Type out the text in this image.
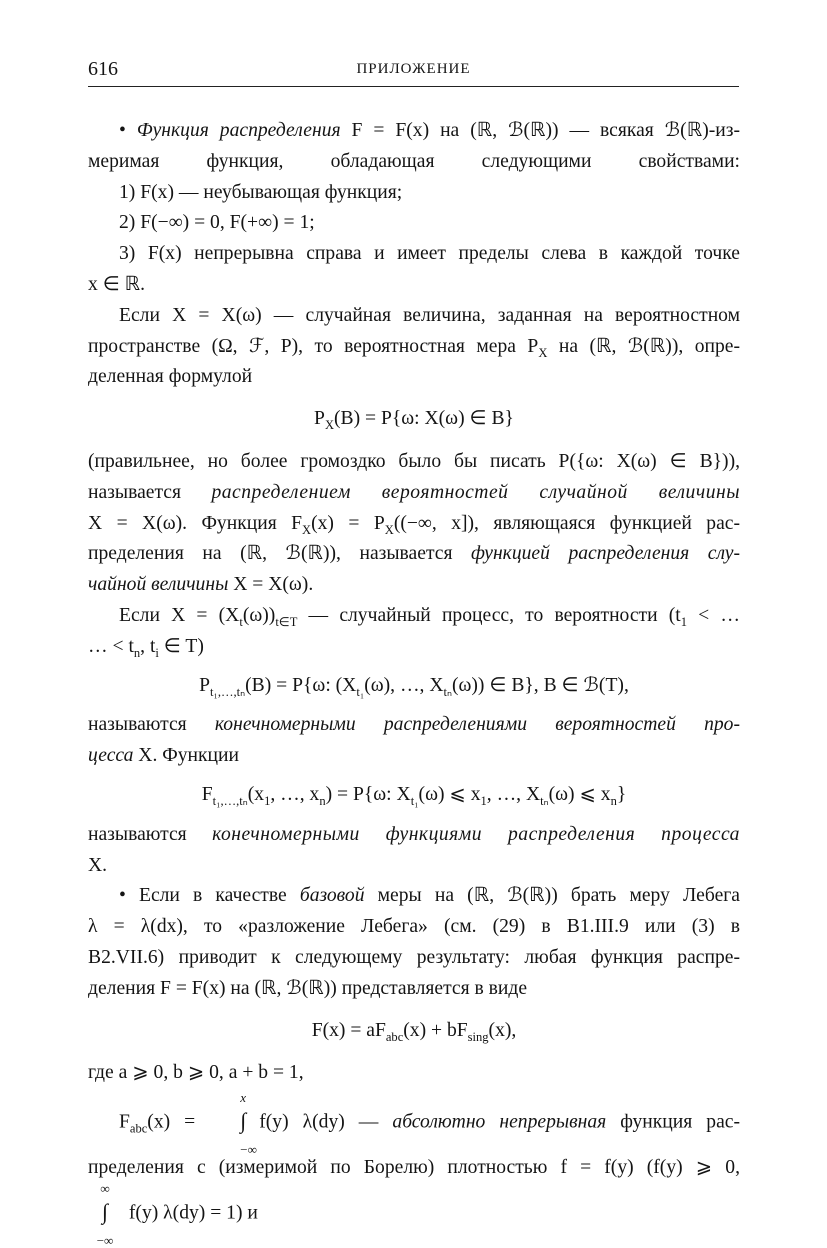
616	ПРИЛОЖЕНИЕ

• Функция распределения F = F(x) на (ℝ, ℬ(ℝ)) — всякая ℬ(ℝ)-из-

меримая функция, обладающая следующими свойствами:

1) F(x) — неубывающая функция;

2) F(−∞) = 0, F(+∞) = 1;

3) F(x) непрерывна справа и имеет пределы слева в каждой точке

x ∈ ℝ.

Если X = X(ω) — случайная величина, заданная на вероятностном

пространстве (Ω, ℱ, P), то вероятностная мера $P_X$ на (ℝ, ℬ(ℝ)), опре-

деленная формулой

$P_X(B) = P\{\omega$: X(ω) ∈ B}

(правильнее, но более громоздко было бы писать P({ω: X(ω) ∈ B})),

называется распределением вероятностей случайной величины

X = X(ω). Функция $F_X(x) = P_X((-\infty$, x]), являющаяся функцией рас-

пределения на (ℝ, ℬ(ℝ)), называется функцией распределения слу-

чайной величины X = X(ω).

Если $X = (X_t(\omega))_{t\in T}$ — случайный процесс, то вероятности ($t_1$ < …

… < $t_n$, $t_i$ ∈ T)

$P_{t_1,\dots,t_n}(B) = P\{\omega$: ($X_{t_1}(\omega)$, …, $X_{t_n}(\omega)$) ∈ B}, B ∈ ℬ(T),

называются конечномерными распределениями вероятностей про-

цесса X. Функции

$F_{t_1,\dots,t_n}(x_1$, …, $x_n) = P\{\omega$: $X_{t_1}(\omega)$ ⩽ $x_1$, …, $X_{t_n}(\omega)$ ⩽ $x_n$}

называются конечномерными функциями распределения процесса

X.

• Если в качестве базовой меры на (ℝ, ℬ(ℝ)) брать меру Лебега

λ = λ(dx), то «разложение Лебега» (см. (29) в B1.III.9 или (3) в

B2.VII.6) приводит к следующему результату: любая функция распре-

деления F = F(x) на (ℝ, ℬ(ℝ)) представляется в виде

$F(x) = aF_{abc}(x) + bF_{sing}(x)$,

где a ⩾ 0, b ⩾ 0, a + b = 1,

$F_{abc}(x)$ =
x
∫
−∞
f(y) λ(dy) — абсолютно непрерывная функция рас-

пределения с (измеримой по Борелю) плотностью f = f(y) (f(y) ⩾ 0,

∞
∫
−∞
f(y) λ(dy) = 1) и
